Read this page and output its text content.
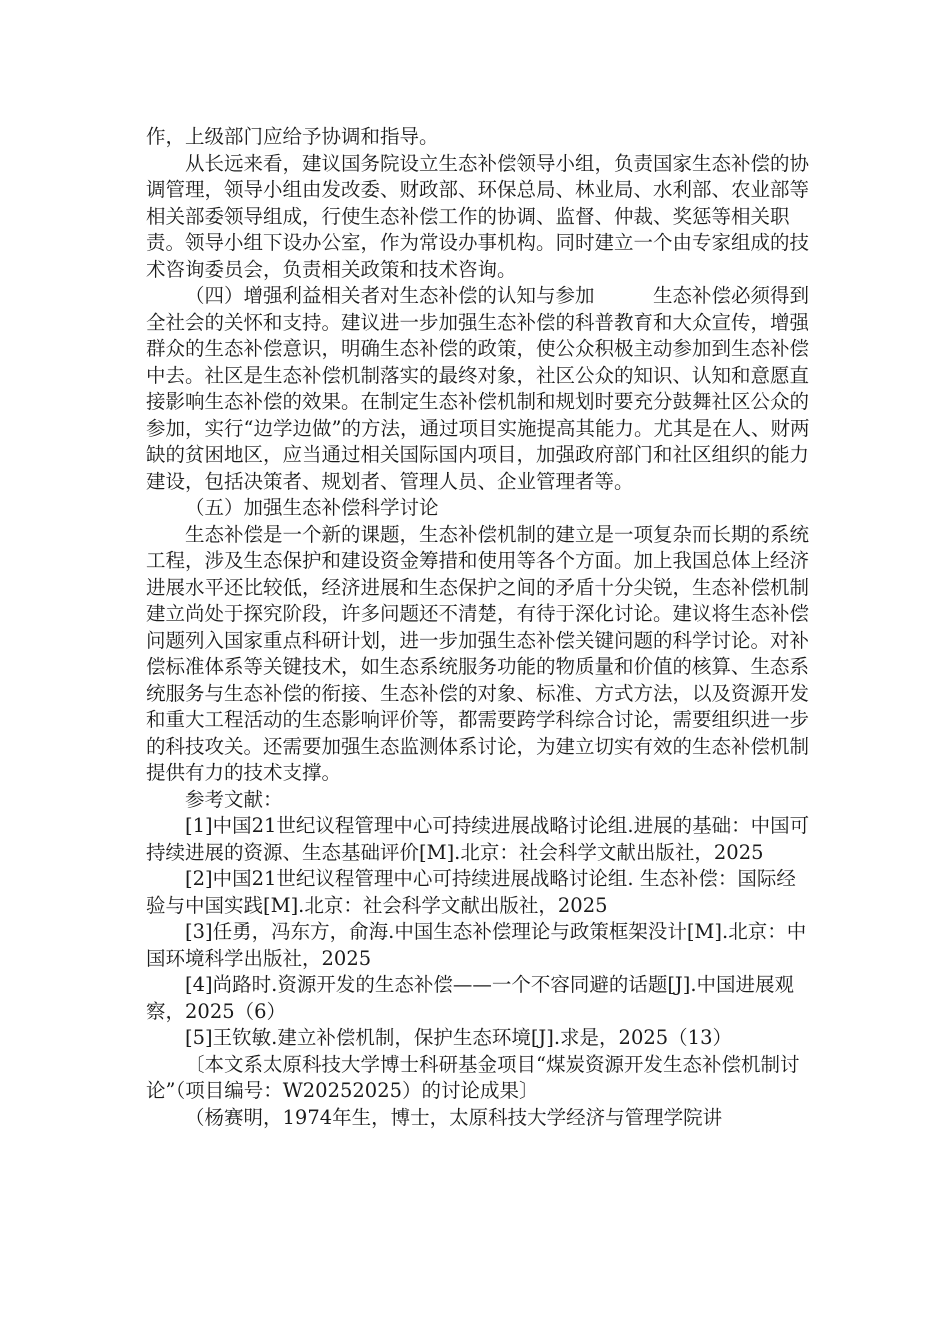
作，上级部门应给予协调和指导。

从长远来看，建议国务院设立生态补偿领导小组，负责国家生态补偿的协调管理，领导小组由发改委、财政部、环保总局、林业局、水利部、农业部等相关部委领导组成，行使生态补偿工作的协调、监督、仲裁、奖惩等相关职责。领导小组下设办公室，作为常设办事机构。同时建立一个由专家组成的技术咨询委员会，负责相关政策和技术咨询。

（四）增强利益相关者对生态补偿的认知与参加　　　生态补偿必须得到全社会的关怀和支持。建议进一步加强生态补偿的科普教育和大众宣传，增强群众的生态补偿意识，明确生态补偿的政策，使公众积极主动参加到生态补偿中去。社区是生态补偿机制落实的最终对象，社区公众的知识、认知和意愿直接影响生态补偿的效果。在制定生态补偿机制和规划时要充分鼓舞社区公众的参加，实行“边学边做”的方法，通过项目实施提高其能力。尤其是在人、财两缺的贫困地区，应当通过相关国际国内项目，加强政府部门和社区组织的能力建设，包括决策者、规划者、管理人员、企业管理者等。

（五）加强生态补偿科学讨论

生态补偿是一个新的课题，生态补偿机制的建立是一项复杂而长期的系统工程，涉及生态保护和建设资金筹措和使用等各个方面。加上我国总体上经济进展水平还比较低，经济进展和生态保护之间的矛盾十分尖锐，生态补偿机制建立尚处于探究阶段，许多问题还不清楚，有待于深化讨论。建议将生态补偿问题列入国家重点科研计划，进一步加强生态补偿关键问题的科学讨论。对补偿标准体系等关键技术，如生态系统服务功能的物质量和价值的核算、生态系统服务与生态补偿的衔接、生态补偿的对象、标准、方式方法，以及资源开发和重大工程活动的生态影响评价等，都需要跨学科综合讨论，需要组织进一步的科技攻关。还需要加强生态监测体系讨论，为建立切实有效的生态补偿机制提供有力的技术支撑。

参考文献：

[1]中国21世纪议程管理中心可持续进展战略讨论组.进展的基础：中国可持续进展的资源、生态基础评价[M].北京：社会科学文献出版社，2025

[2]中国21世纪议程管理中心可持续进展战略讨论组. 生态补偿：国际经验与中国实践[M].北京：社会科学文献出版社，2025

[3]任勇，冯东方，俞海.中国生态补偿理论与政策框架没计[M].北京：中国环境科学出版社，2025

[4]尚路时.资源开发的生态补偿——一个不容同避的话题[J].中国进展观察，2025（6）

[5]王钦敏.建立补偿机制，保护生态环境[J].求是，2025（13）

〔本文系太原科技大学博士科研基金项目“煤炭资源开发生态补偿机制讨论”（项目编号：W20252025）的讨论成果〕

（杨赛明，1974年生，博士，太原科技大学经济与管理学院讲
